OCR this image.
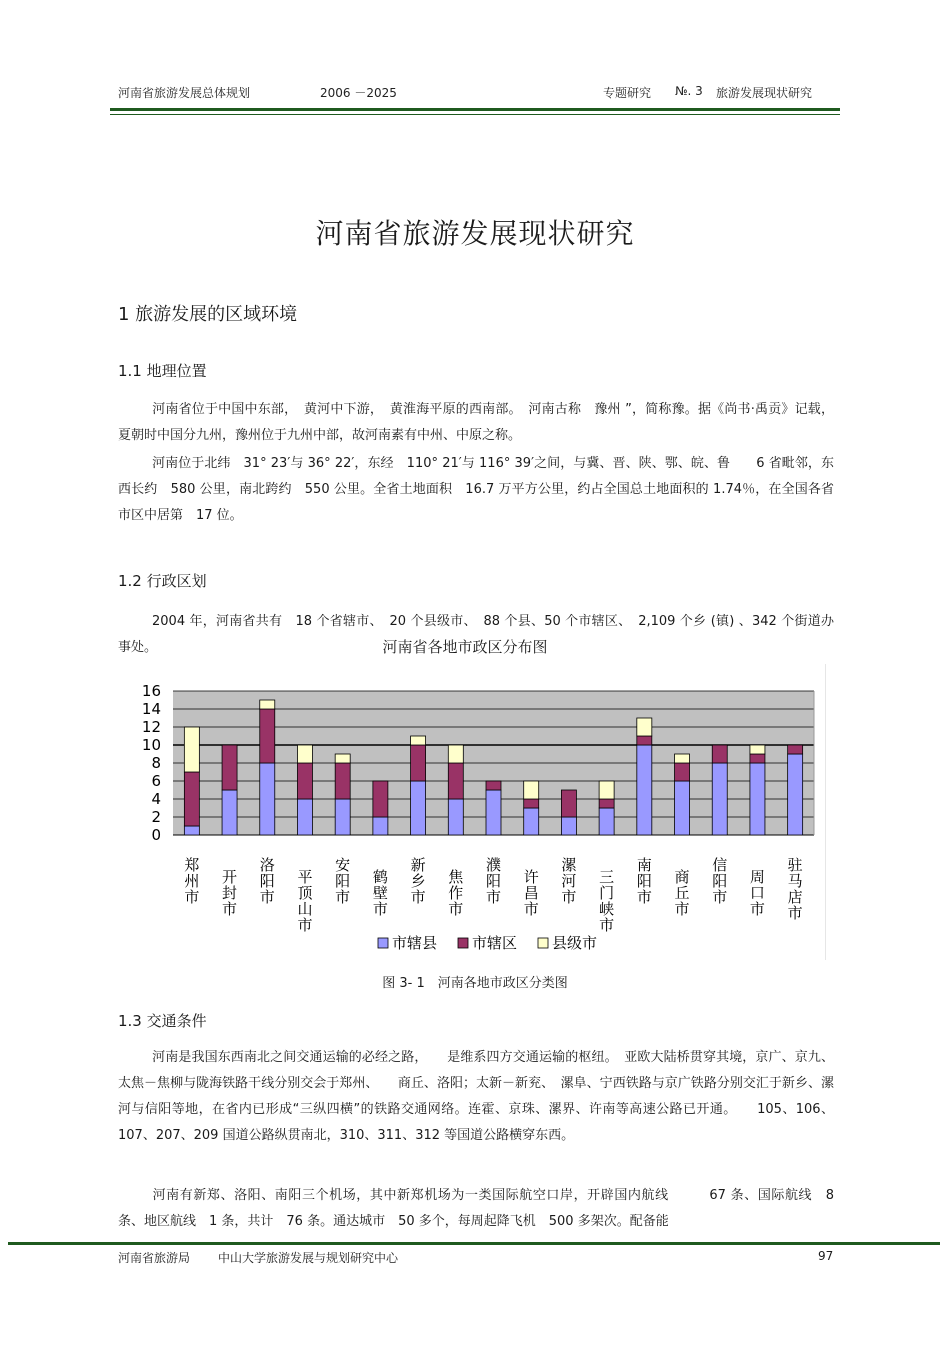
河南省旅游发展总体规划	2006 －2025	专题研究 №. 3 旅游发展现状研究
河南省旅游发展现状研究
1 旅游发展的区域环境
1.1 地理位置

河南省位于中国中东部，　黄河中下游，　黄淮海平原的西南部。　河南古称　豫州 ”，简称豫。据《尚书·禹贡》记载，夏朝时中国分九州，豫州位于九州中部，故河南素有中州、中原之称。

河南位于北纬　31° 23′与 36° 22′，东经　110° 21′与 116° 39′之间，与冀、晋、陕、鄂、皖、鲁　　6 省毗邻，东西长约　580 公里，南北跨约　550 公里。全省土地面积　16.7 万平方公里，约占全国总土地面积的 1.74％，在全国各省市区中居第　17 位。

1.2 行政区划

2004 年，河南省共有　18 个省辖市、　20 个县级市、　88 个县、50 个市辖区、　2,109 个乡 (镇) 、342 个街道办事处。	河南省各地市政区分布图
0
2
4
6
8
10
12
14
16
郑州市
开封市
洛阳市
平顶山市
安阳市
鹤壁市
新乡市
焦作市
濮阳市
许昌市
漯河市
三门峡市
南阳市
商丘市
信阳市
周口市
驻马店市
市辖县 市辖区 县级市
图 3- 1　河南各地市政区分类图
1.3 交通条件

河南是我国东西南北之间交通运输的必经之路，　　是维系四方交通运输的枢纽。　亚欧大陆桥贯穿其境，京广、京九、太焦－焦柳与陇海铁路干线分别交会于郑州、　　商丘、洛阳；太新－新兖、　漯阜、宁西铁路与京广铁路分别交汇于新乡、漯河与信阳等地，在省内已形成“三纵四横”的铁路交通网络。连霍、京珠、漯界、许南等高速公路已开通。　　105、106、107、207、209 国道公路纵贯南北，310、311、312 等国道公路横穿东西。

河南有新郑、洛阳、南阳三个机场，其中新郑机场为一类国际航空口岸，开辟国内航线　　　67 条、国际航线　8 条、地区航线　1 条，共计　76 条。通达城市　50 多个，每周起降飞机　500 多架次。配备能

河南省旅游局 中山大学旅游发展与规划研究中心	97
